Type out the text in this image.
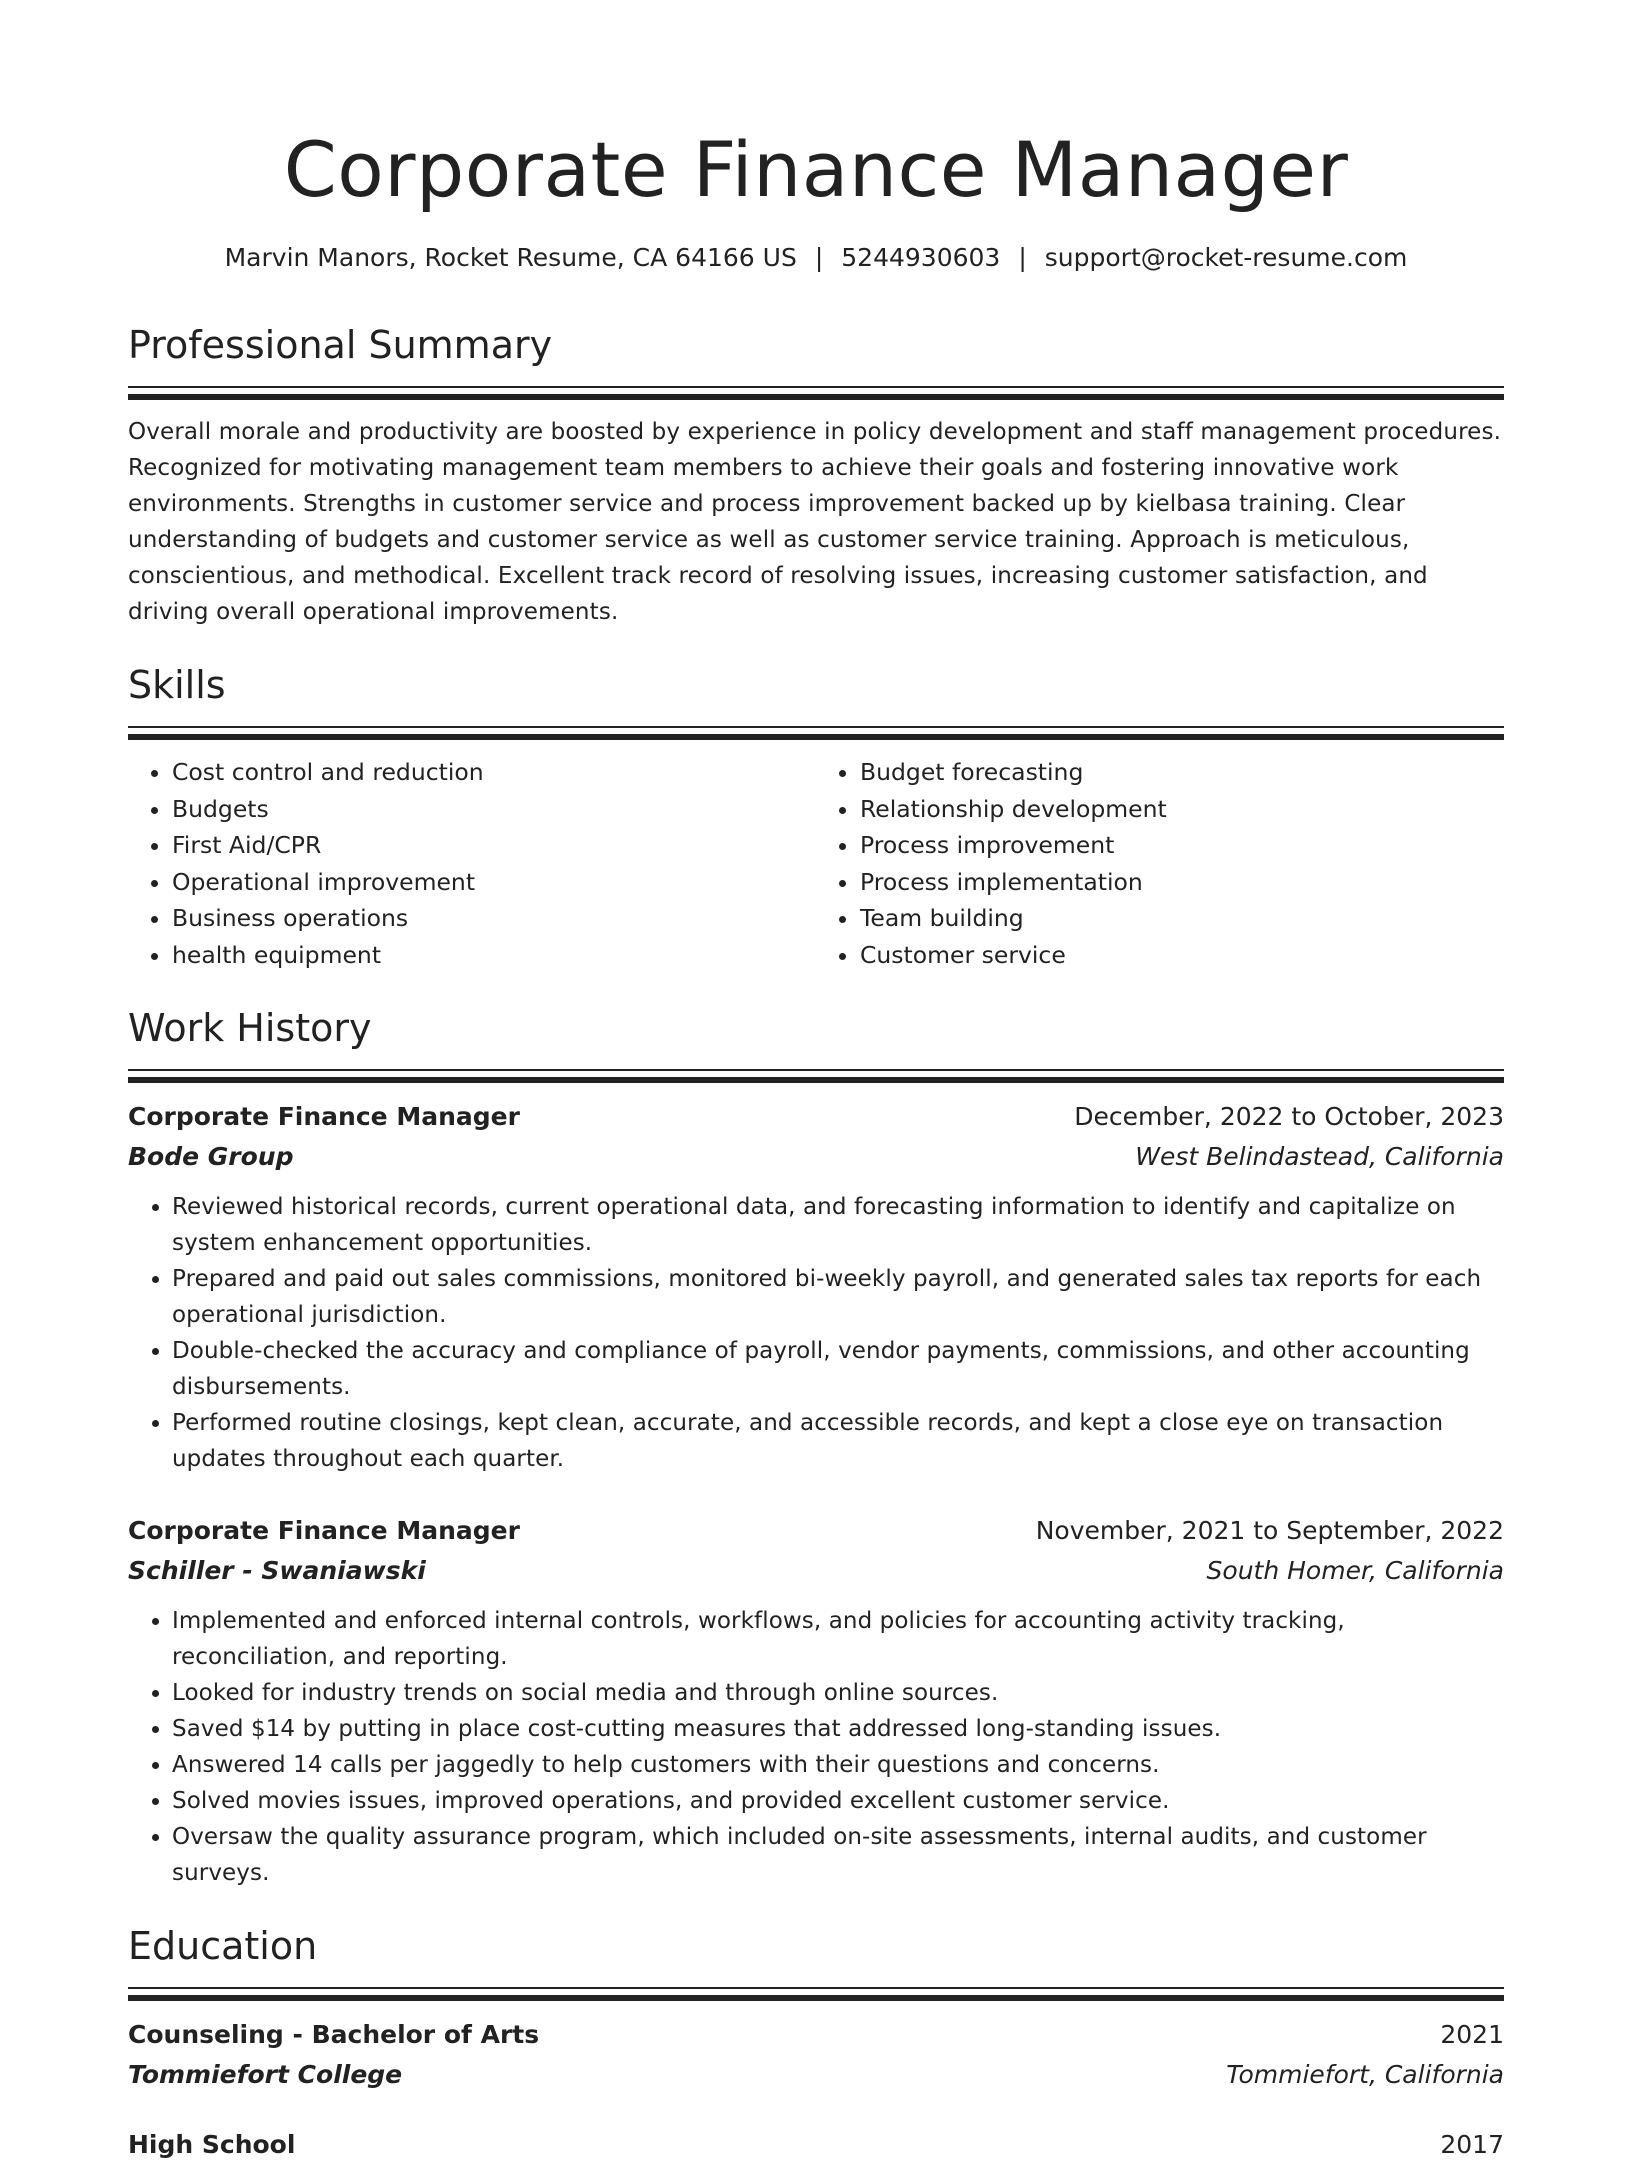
Corporate Finance Manager
Marvin Manors, Rocket Resume, CA 64166 US | 5244930603 | support@rocket-resume.com
Professional Summary
Overall morale and productivity are boosted by experience in policy development and staff management procedures. Recognized for motivating management team members to achieve their goals and fostering innovative work environments. Strengths in customer service and process improvement backed up by kielbasa training. Clear understanding of budgets and customer service as well as customer service training. Approach is meticulous, conscientious, and methodical. Excellent track record of resolving issues, increasing customer satisfaction, and driving overall operational improvements.
Skills
• Cost control and reduction
• Budgets
• First Aid/CPR
• Operational improvement
• Business operations
• health equipment
• Budget forecasting
• Relationship development
• Process improvement
• Process implementation
• Team building
• Customer service
Work History
Corporate Finance Manager	December, 2022 to October, 2023
Bode Group	West Belindastead, California
• Reviewed historical records, current operational data, and forecasting information to identify and capitalize on system enhancement opportunities.
• Prepared and paid out sales commissions, monitored bi-weekly payroll, and generated sales tax reports for each operational jurisdiction.
• Double-checked the accuracy and compliance of payroll, vendor payments, commissions, and other accounting disbursements.
• Performed routine closings, kept clean, accurate, and accessible records, and kept a close eye on transaction updates throughout each quarter.
Corporate Finance Manager	November, 2021 to September, 2022
Schiller - Swaniawski	South Homer, California
• Implemented and enforced internal controls, workflows, and policies for accounting activity tracking, reconciliation, and reporting.
• Looked for industry trends on social media and through online sources.
• Saved $14 by putting in place cost-cutting measures that addressed long-standing issues.
• Answered 14 calls per jaggedly to help customers with their questions and concerns.
• Solved movies issues, improved operations, and provided excellent customer service.
• Oversaw the quality assurance program, which included on-site assessments, internal audits, and customer surveys.
Education
Counseling - Bachelor of Arts	2021
Tommiefort College	Tommiefort, California
High School	2017
